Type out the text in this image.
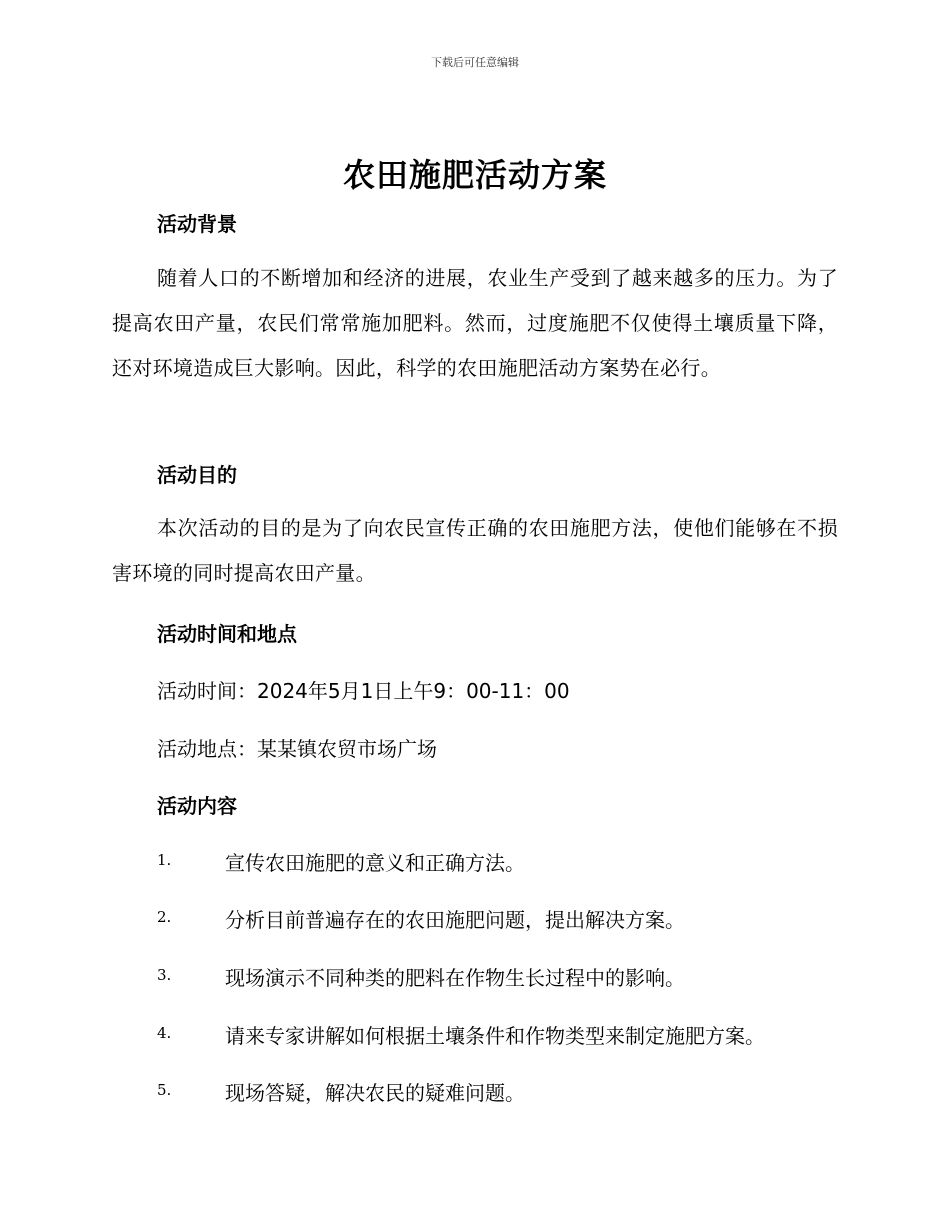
下载后可任意编辑
农田施肥活动方案
活动背景
随着人口的不断增加和经济的进展，农业生产受到了越来越多的压力。为了提高农田产量，农民们常常施加肥料。然而，过度施肥不仅使得土壤质量下降，还对环境造成巨大影响。因此，科学的农田施肥活动方案势在必行。
活动目的
本次活动的目的是为了向农民宣传正确的农田施肥方法，使他们能够在不损害环境的同时提高农田产量。
活动时间和地点
活动时间：2024年5月1日上午9：00-11：00
活动地点：某某镇农贸市场广场
活动内容
1.	宣传农田施肥的意义和正确方法。
2.	分析目前普遍存在的农田施肥问题，提出解决方案。
3.	现场演示不同种类的肥料在作物生长过程中的影响。
4.	请来专家讲解如何根据土壤条件和作物类型来制定施肥方案。
5.	现场答疑，解决农民的疑难问题。
